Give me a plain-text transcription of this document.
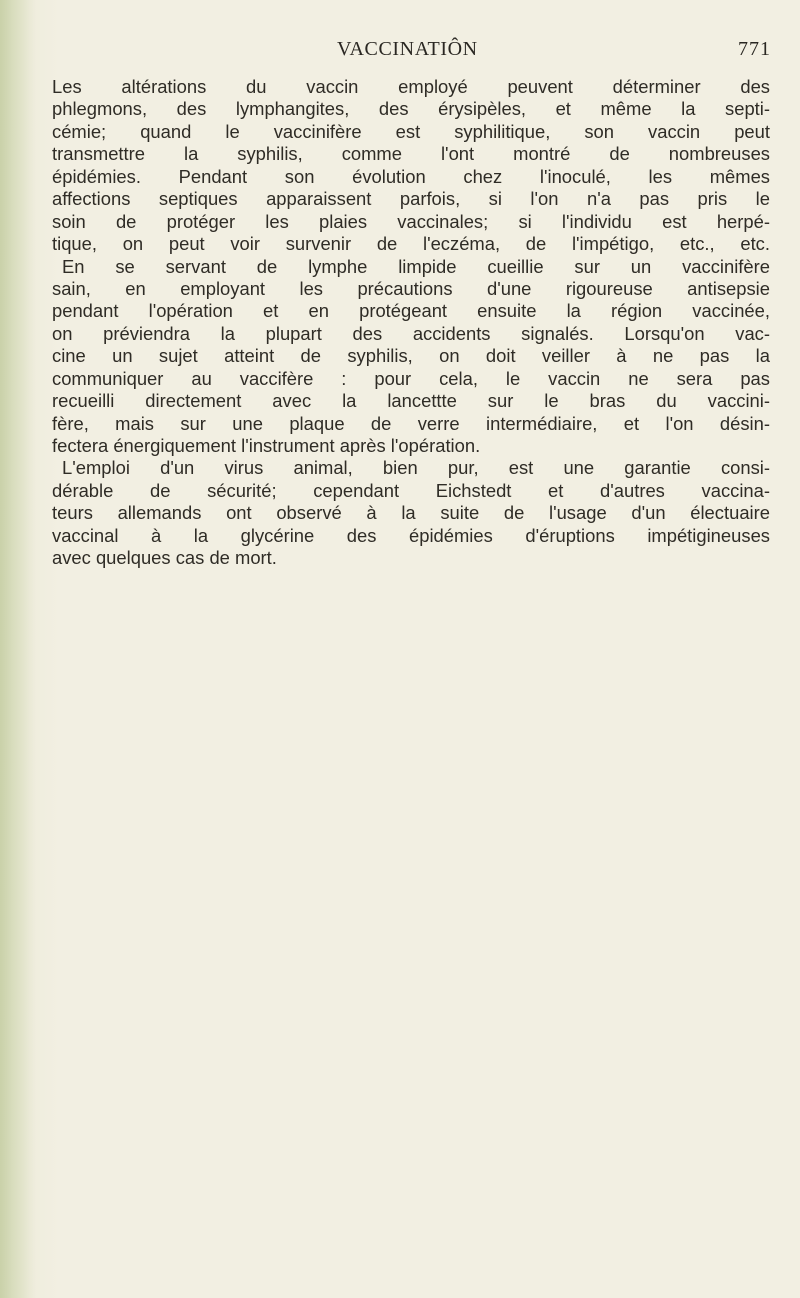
VACCINATIÔN	771
Les altérations du vaccin employé peuvent déterminer des
phlegmons, des lymphangites, des érysipèles, et même la septi-
cémie; quand le vaccinifère est syphilitique, son vaccin peut
transmettre la syphilis, comme l'ont montré de nombreuses
épidémies. Pendant son évolution chez l'inoculé, les mêmes
affections septiques apparaissent parfois, si l'on n'a pas pris le
soin de protéger les plaies vaccinales; si l'individu est herpé-
tique, on peut voir survenir de l'eczéma, de l'impétigo, etc., etc.
En se servant de lymphe limpide cueillie sur un vaccinifère
sain, en employant les précautions d'une rigoureuse antisepsie
pendant l'opération et en protégeant ensuite la région vaccinée,
on préviendra la plupart des accidents signalés. Lorsqu'on vac-
cine un sujet atteint de syphilis, on doit veiller à ne pas la
communiquer au vaccifère : pour cela, le vaccin ne sera pas
recueilli directement avec la lancettte sur le bras du vaccini-
fère, mais sur une plaque de verre intermédiaire, et l'on désin-
fectera énergiquement l'instrument après l'opération.
L'emploi d'un virus animal, bien pur, est une garantie consi-
dérable de sécurité; cependant Eichstedt et d'autres vaccina-
teurs allemands ont observé à la suite de l'usage d'un électuaire
vaccinal à la glycérine des épidémies d'éruptions impétigineuses
avec quelques cas de mort.
